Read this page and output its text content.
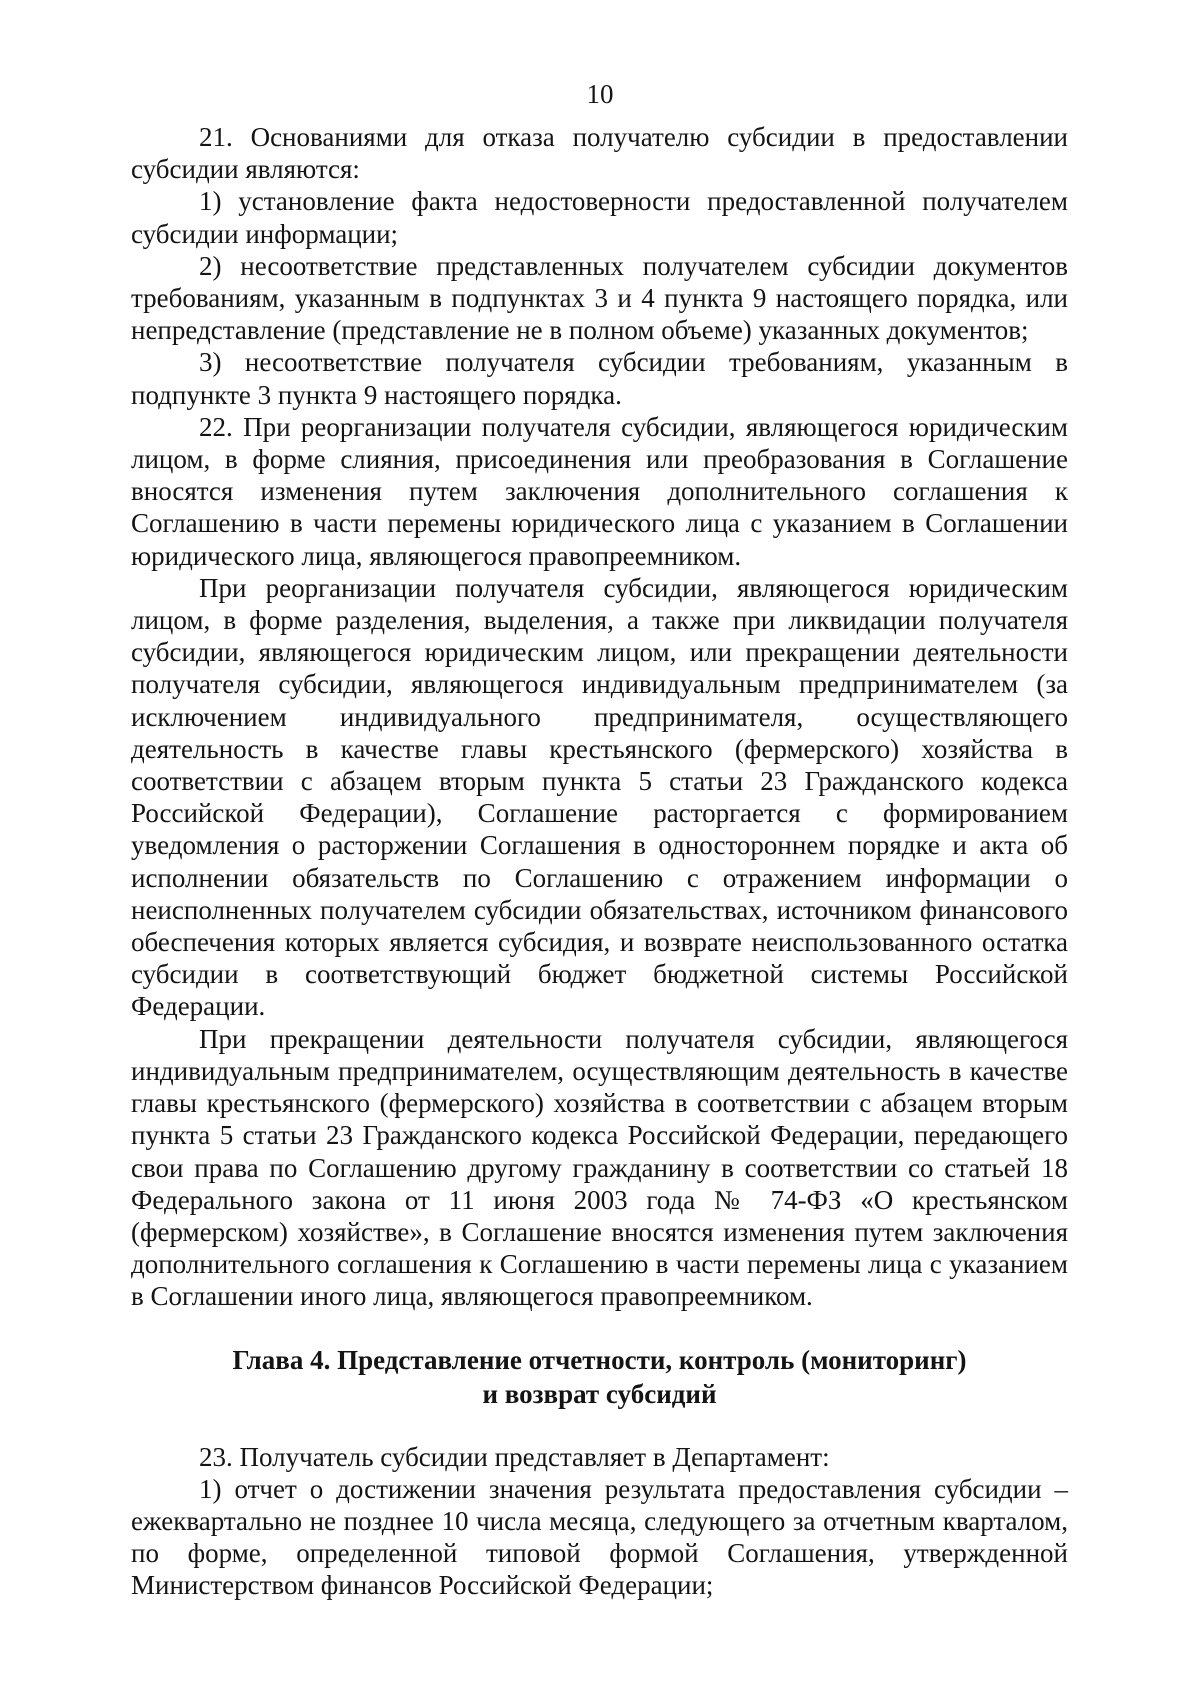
10

21. Основаниями для отказа получателю субсидии в предоставлении субсидии являются:

1) установление факта недостоверности предоставленной получателем субсидии информации;

2) несоответствие представленных получателем субсидии документов требованиям, указанным в подпунктах 3 и 4 пункта 9 настоящего порядка, или непредставление (представление не в полном объеме) указанных документов;

3) несоответствие получателя субсидии требованиям, указанным в подпункте 3 пункта 9 настоящего порядка.

22. При реорганизации получателя субсидии, являющегося юридическим лицом, в форме слияния, присоединения или преобразования в Соглашение вносятся изменения путем заключения дополнительного соглашения к Соглашению в части перемены юридического лица с указанием в Соглашении юридического лица, являющегося правопреемником.

При реорганизации получателя субсидии, являющегося юридическим лицом, в форме разделения, выделения, а также при ликвидации получателя субсидии, являющегося юридическим лицом, или прекращении деятельности получателя субсидии, являющегося индивидуальным предпринимателем (за исключением индивидуального предпринимателя, осуществляющего деятельность в качестве главы крестьянского (фермерского) хозяйства в соответствии с абзацем вторым пункта 5 статьи 23 Гражданского кодекса Российской Федерации), Соглашение расторгается с формированием уведомления о расторжении Соглашения в одностороннем порядке и акта об исполнении обязательств по Соглашению с отражением информации о неисполненных получателем субсидии обязательствах, источником финансового обеспечения которых является субсидия, и возврате неиспользованного остатка субсидии в соответствующий бюджет бюджетной системы Российской Федерации.

При прекращении деятельности получателя субсидии, являющегося индивидуальным предпринимателем, осуществляющим деятельность в качестве главы крестьянского (фермерского) хозяйства в соответствии с абзацем вторым пункта 5 статьи 23 Гражданского кодекса Российской Федерации, передающего свои права по Соглашению другому гражданину в соответствии со статьей 18 Федерального закона от 11 июня 2003 года № 74-ФЗ «О крестьянском (фермерском) хозяйстве», в Соглашение вносятся изменения путем заключения дополнительного соглашения к Соглашению в части перемены лица с указанием в Соглашении иного лица, являющегося правопреемником.

Глава 4. Представление отчетности, контроль (мониторинг)
и возврат субсидий

23. Получатель субсидии представляет в Департамент:

1) отчет о достижении значения результата предоставления субсидии – ежеквартально не позднее 10 числа месяца, следующего за отчетным кварталом, по форме, определенной типовой формой Соглашения, утвержденной Министерством финансов Российской Федерации;
